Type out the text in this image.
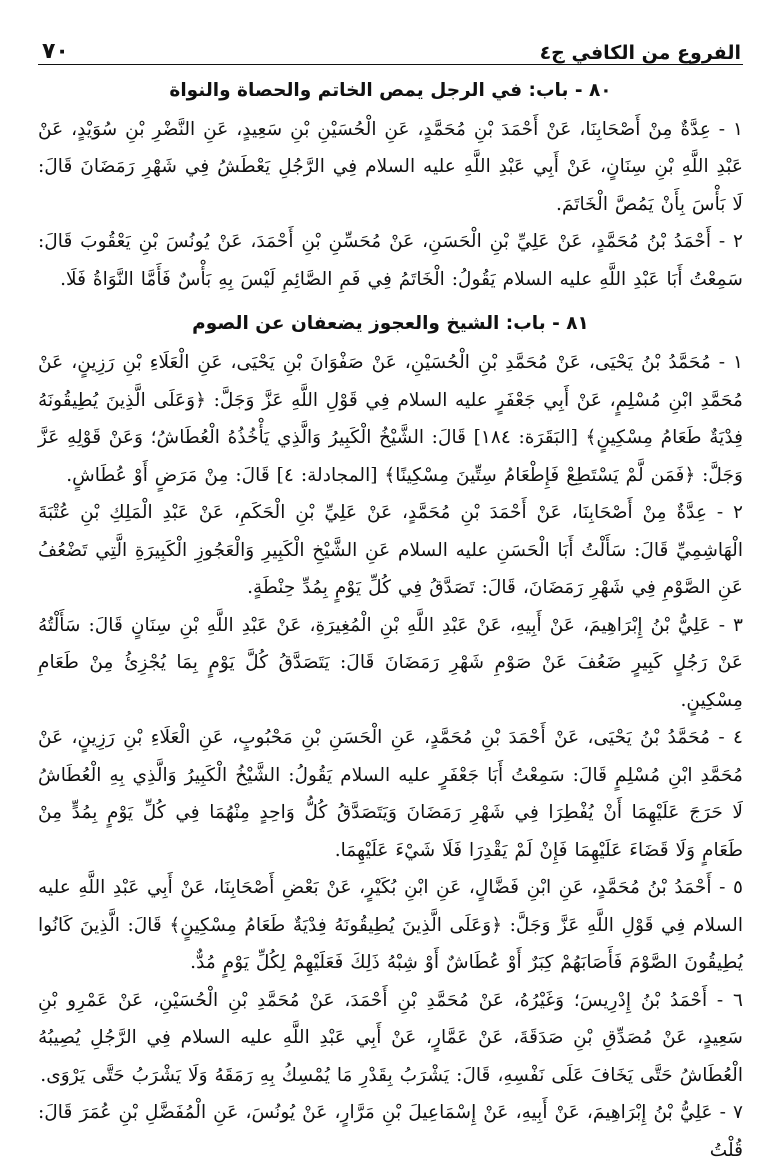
٧٠	الفروع من الكافي ج٤
٨٠ - باب: في الرجل يمص الخاتم والحصاة والنواة

١ - عِدَّةٌ مِنْ أَصْحَابِنَا، عَنْ أَحْمَدَ بْنِ مُحَمَّدٍ، عَنِ الْحُسَيْنِ بْنِ سَعِيدٍ، عَنِ النَّضْرِ بْنِ سُوَيْدٍ، عَنْ عَبْدِ اللَّهِ بْنِ سِنَانٍ، عَنْ أَبِي عَبْدِ اللَّهِ عليه السلام فِي الرَّجُلِ يَعْطَشُ فِي شَهْرِ رَمَضَانَ قَالَ: لَا بَأْسَ بِأَنْ يَمُصَّ الْخَاتَمَ.

٢ - أَحْمَدُ بْنُ مُحَمَّدٍ، عَنْ عَلِيِّ بْنِ الْحَسَنِ، عَنْ مُحَسِّنِ بْنِ أَحْمَدَ، عَنْ يُونُسَ بْنِ يَعْقُوبَ قَالَ: سَمِعْتُ أَبَا عَبْدِ اللَّهِ عليه السلام يَقُولُ: الْخَاتَمُ فِي فَمِ الصَّائِمِ لَيْسَ بِهِ بَأْسٌ فَأَمَّا النَّوَاةُ فَلَا.

٨١ - باب: الشيخ والعجوز يضعفان عن الصوم

١ - مُحَمَّدُ بْنُ يَحْيَى، عَنْ مُحَمَّدِ بْنِ الْحُسَيْنِ، عَنْ صَفْوَانَ بْنِ يَحْيَى، عَنِ الْعَلَاءِ بْنِ رَزِينٍ، عَنْ مُحَمَّدِ ابْنِ مُسْلِمٍ، عَنْ أَبِي جَعْفَرٍ عليه السلام فِي قَوْلِ اللَّهِ عَزَّ وَجَلَّ: ﴿وَعَلَى الَّذِينَ يُطِيقُونَهُ فِدْيَةٌ طَعَامُ مِسْكِينٍ﴾ [البَقَرَة: ١٨٤] قَالَ: الشَّيْخُ الْكَبِيرُ وَالَّذِي يَأْخُذُهُ الْعُطَاشُ؛ وَعَنْ قَوْلِهِ عَزَّ وَجَلَّ: ﴿فَمَن لَّمْ يَسْتَطِعْ فَإِطْعَامُ سِتِّينَ مِسْكِينًا﴾ [المجادلة: ٤] قَالَ: مِنْ مَرَضٍ أَوْ عُطَاشٍ.

٢ - عِدَّةٌ مِنْ أَصْحَابِنَا، عَنْ أَحْمَدَ بْنِ مُحَمَّدٍ، عَنْ عَلِيِّ بْنِ الْحَكَمِ، عَنْ عَبْدِ الْمَلِكِ بْنِ عُتْبَةَ الْهَاشِمِيِّ قَالَ: سَأَلْتُ أَبَا الْحَسَنِ عليه السلام عَنِ الشَّيْخِ الْكَبِيرِ وَالْعَجُوزِ الْكَبِيرَةِ الَّتِي تَضْعُفُ عَنِ الصَّوْمِ فِي شَهْرِ رَمَضَانَ، قَالَ: تَصَدَّقُ فِي كُلِّ يَوْمٍ بِمُدِّ حِنْطَةٍ.

٣ - عَلِيُّ بْنُ إِبْرَاهِيمَ، عَنْ أَبِيهِ، عَنْ عَبْدِ اللَّهِ بْنِ الْمُغِيرَةِ، عَنْ عَبْدِ اللَّهِ بْنِ سِنَانٍ قَالَ: سَأَلْتُهُ عَنْ رَجُلٍ كَبِيرٍ ضَعُفَ عَنْ صَوْمِ شَهْرِ رَمَضَانَ قَالَ: يَتَصَدَّقُ كُلَّ يَوْمٍ بِمَا يُجْزِئُ مِنْ طَعَامِ مِسْكِينٍ.

٤ - مُحَمَّدُ بْنُ يَحْيَى، عَنْ أَحْمَدَ بْنِ مُحَمَّدٍ، عَنِ الْحَسَنِ بْنِ مَحْبُوبٍ، عَنِ الْعَلَاءِ بْنِ رَزِينٍ، عَنْ مُحَمَّدِ ابْنِ مُسْلِمٍ قَالَ: سَمِعْتُ أَبَا جَعْفَرٍ عليه السلام يَقُولُ: الشَّيْخُ الْكَبِيرُ وَالَّذِي بِهِ الْعُطَاشُ لَا حَرَجَ عَلَيْهِمَا أَنْ يُفْطِرَا فِي شَهْرِ رَمَضَانَ وَيَتَصَدَّقُ كُلُّ وَاحِدٍ مِنْهُمَا فِي كُلِّ يَوْمٍ بِمُدٍّ مِنْ طَعَامٍ وَلَا قَضَاءَ عَلَيْهِمَا فَإِنْ لَمْ يَقْدِرَا فَلَا شَيْءَ عَلَيْهِمَا.

٥ - أَحْمَدُ بْنُ مُحَمَّدٍ، عَنِ ابْنِ فَضَّالٍ، عَنِ ابْنِ بُكَيْرٍ، عَنْ بَعْضِ أَصْحَابِنَا، عَنْ أَبِي عَبْدِ اللَّهِ عليه السلام فِي قَوْلِ اللَّهِ عَزَّ وَجَلَّ: ﴿وَعَلَى الَّذِينَ يُطِيقُونَهُ فِدْيَةٌ طَعَامُ مِسْكِينٍ﴾ قَالَ: الَّذِينَ كَانُوا يُطِيقُونَ الصَّوْمَ فَأَصَابَهُمْ كِبَرٌ أَوْ عُطَاشٌ أَوْ شِبْهُ ذَلِكَ فَعَلَيْهِمْ لِكُلِّ يَوْمٍ مُدٌّ.

٦ - أَحْمَدُ بْنُ إِدْرِيسَ؛ وَغَيْرُهُ، عَنْ مُحَمَّدِ بْنِ أَحْمَدَ، عَنْ مُحَمَّدِ بْنِ الْحُسَيْنِ، عَنْ عَمْرِو بْنِ سَعِيدٍ، عَنْ مُصَدِّقِ بْنِ صَدَقَةَ، عَنْ عَمَّارٍ، عَنْ أَبِي عَبْدِ اللَّهِ عليه السلام فِي الرَّجُلِ يُصِيبُهُ الْعُطَاشُ حَتَّى يَخَافَ عَلَى نَفْسِهِ، قَالَ: يَشْرَبُ بِقَدْرِ مَا يُمْسِكُ بِهِ رَمَقَهُ وَلَا يَشْرَبُ حَتَّى يَرْوَى.

٧ - عَلِيُّ بْنُ إِبْرَاهِيمَ، عَنْ أَبِيهِ، عَنْ إِسْمَاعِيلَ بْنِ مَرَّارٍ، عَنْ يُونُسَ، عَنِ الْمُفَضَّلِ بْنِ عُمَرَ قَالَ: قُلْتُ
